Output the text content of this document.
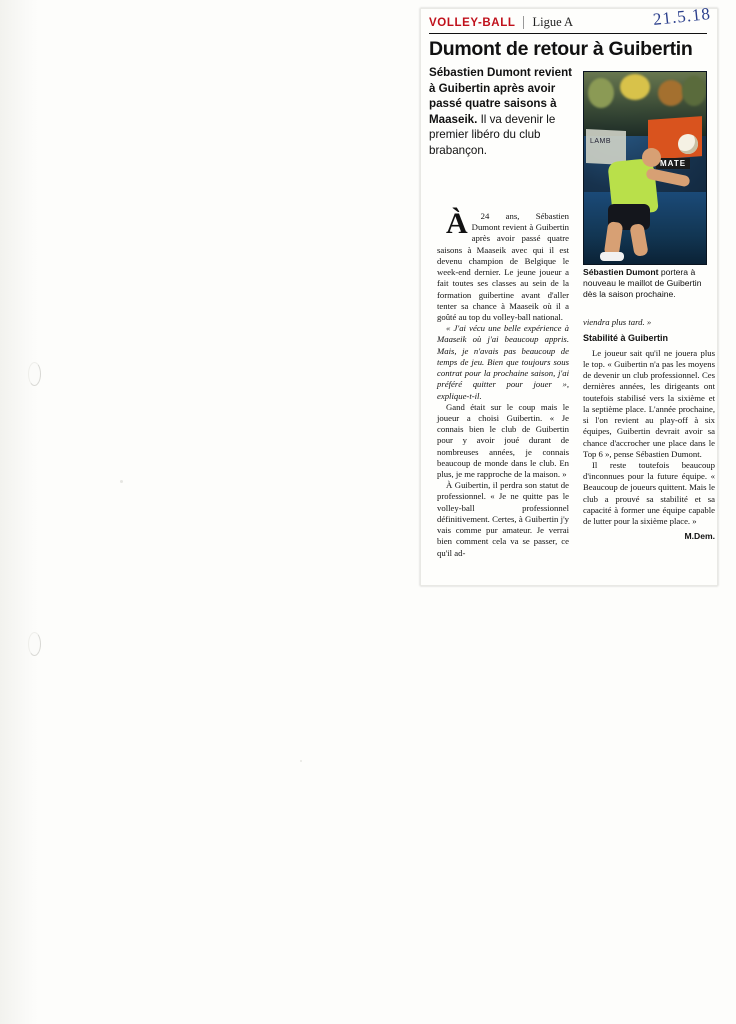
VOLLEY-BALL Ligue A	21.5.18
Dumont de retour à Guibertin
Sébastien Dumont revient à Guibertin après avoir passé quatre saisons à Maaseik. Il va devenir le premier libéro du club brabançon.
LAMB
MATE
Sébastien Dumont portera à nouveau le maillot de Guibertin dès la saison prochaine.

À	24 ans, Sébastien Dumont revient à Guibertin après avoir passé quatre saisons à Maaseik avec qui il est devenu champion de Belgique le week-end dernier. Le jeune joueur a fait toutes ses classes au sein de la formation guibertine avant d'aller tenter sa chance à Maaseik où il a goûté au top du volley-ball national.

« J'ai vécu une belle expérience à Maaseik où j'ai beaucoup appris. Mais, je n'avais pas beaucoup de temps de jeu. Bien que toujours sous contrat pour la prochaine saison, j'ai préféré quitter pour jouer », explique-t-il.

Gand était sur le coup mais le joueur a choisi Guibertin. « Je connais bien le club de Guibertin pour y avoir joué durant de nombreuses années, je connais beaucoup de monde dans le club. En plus, je me rapproche de la maison. »

À Guibertin, il perdra son statut de professionnel. « Je ne quitte pas le volley-ball professionnel définitivement. Certes, à Guibertin j'y vais comme pur amateur. Je verrai bien comment cela va se passer, ce qu'il ad-

viendra plus tard. »

Stabilité à Guibertin

Le joueur sait qu'il ne jouera plus le top. « Guibertin n'a pas les moyens de devenir un club professionnel. Ces dernières années, les dirigeants ont toutefois stabilisé vers la sixième et la septième place. L'année prochaine, si l'on revient au play-off à six équipes, Guibertin devrait avoir sa chance d'accrocher une place dans le Top 6 », pense Sébastien Dumont.

Il reste toutefois beaucoup d'inconnues pour la future équipe. « Beaucoup de joueurs quittent. Mais le club a prouvé sa stabilité et sa capacité à former une équipe capable de lutter pour la sixième place. »

M.Dem.
